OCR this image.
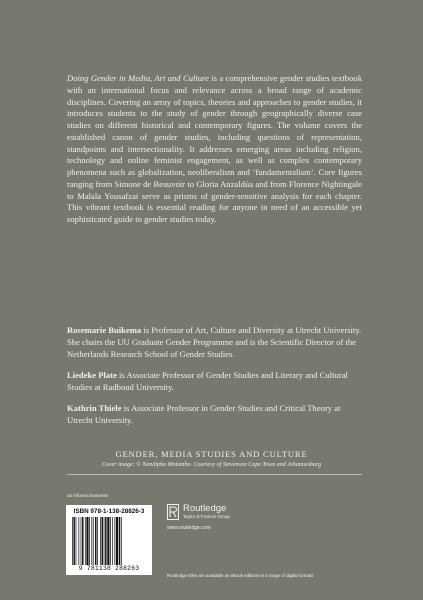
Doing Gender in Media, Art and Culture is a comprehensive gender studies textbook with an international focus and relevance across a broad range of academic disciplines. Covering an array of topics, theories and approaches to gender studies, it introduces students to the study of gender through geographically diverse case studies on different historical and contemporary figures. The volume covers the established canon of gender studies, including questions of representation, standpoints and intersectionality. It addresses emerging areas including religion, technology and online feminist engagement, as well as complex contemporary phenomena such as globalization, neoliberalism and ‘fundamentalism’. Core figures ranging from Simone de Beauvoir to Gloria Anzaldúa and from Florence Nightingale to Malala Yousafzai serve as prisms of gender-sensitive analysis for each chapter. This vibrant textbook is essential reading for anyone in need of an accessible yet sophisticated guide to gender studies today.

Rosemarie Buikema is Professor of Art, Culture and Diversity at Utrecht University. She chairs the UU Graduate Gender Programme and is the Scientific Director of the Netherlands Research School of Gender Studies.

Liedeke Plate is Associate Professor of Gender Studies and Literary and Cultural Studies at Radboud University.

Kathrin Thiele is Associate Professor in Gender Studies and Critical Theory at Utrecht University.

GENDER, MEDIA STUDIES AND CULTURE

Cover image: © Nandipha Mntambo. Courtesy of Stevenson Cape Town and Johannesburg

an informa business

ISBN 978-1-138-28826-3

9 781138 288263

Routledge

Taylor & Francis Group

www.routledge.com

Routledge titles are available as eBook editions in a range of digital formats
